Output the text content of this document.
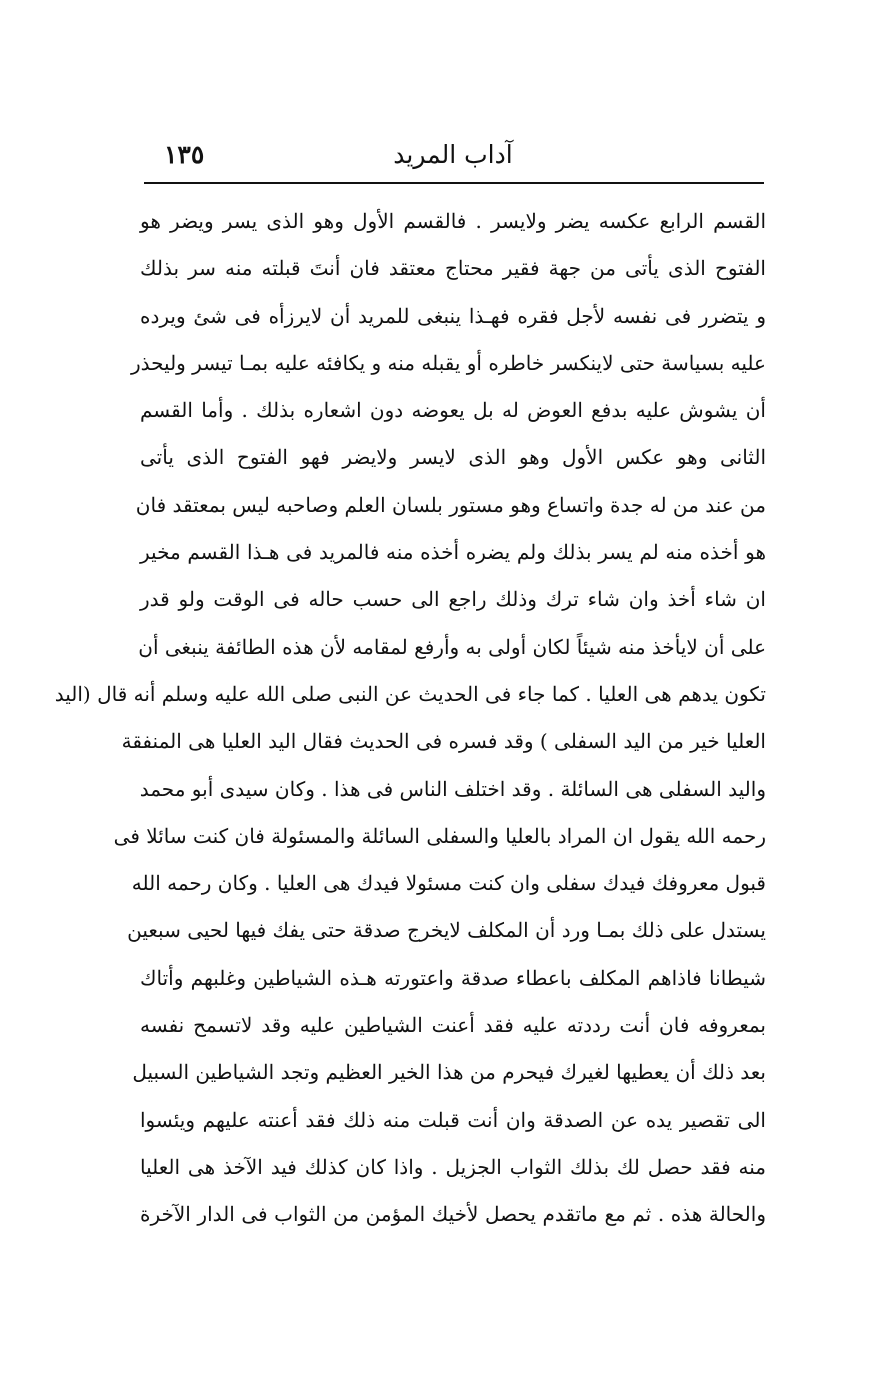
آداب المريد
١٣٥
القسم الرابع عكسه يضر ولايسر . فالقسم الأول وهو الذى يسر ويضر هو
الفتوح الذى يأتى من جهة فقير محتاج معتقد فان أنتَ قبلته منه سر بذلك
و يتضرر فى نفسه لأجل فقره فهـذا ينبغى للمريد أن لايرزأه فى شئ ويرده
عليه بسياسة حتى لاينكسر خاطره أو يقبله منه و يكافئه عليه بمـا تيسر وليحذر
أن يشوش عليه بدفع العوض له بل يعوضه دون اشعاره بذلك . وأما القسم
الثانى وهو عكس الأول وهو الذى لايسر ولايضر فهو الفتوح الذى يأتى
من عند من له جدة واتساع وهو مستور بلسان العلم وصاحبه ليس بمعتقد فان
هو أخذه منه لم يسر بذلك ولم يضره أخذه منه فالمريد فى هـذا القسم مخير
ان شاء أخذ وان شاء ترك وذلك راجع الى حسب حاله فى الوقت ولو قدر
على أن لايأخذ منه شيئاً لكان أولى به وأرفع لمقامه لأن هذه الطائفة ينبغى أن
تكون يدهم هى العليا . كما جاء فى الحديث عن النبى صلى الله عليه وسلم أنه قال (اليد
العليا خير من اليد السفلى ) وقد فسره فى الحديث فقال اليد العليا هى المنفقة
واليد السفلى هى السائلة . وقد اختلف الناس فى هذا . وكان سيدى أبو محمد
رحمه الله يقول ان المراد بالعليا والسفلى السائلة والمسئولة فان كنت سائلا فى
قبول معروفك فيدك سفلى وان كنت مسئولا فيدك هى العليا . وكان رحمه الله
يستدل على ذلك بمـا ورد أن المكلف لايخرج صدقة حتى يفك فيها لحيى سبعين
شيطانا فاذاهم المكلف باعطاء صدقة واعتورته هـذه الشياطين وغلبهم وأتاك
بمعروفه فان أنت رددته عليه فقد أعنت الشياطين عليه وقد لاتسمح نفسه
بعد ذلك أن يعطيها لغيرك فيحرم من هذا الخير العظيم وتجد الشياطين السبيل
الى تقصير يده عن الصدقة وان أنت قبلت منه ذلك فقد أعنته عليهم ويئسوا
منه فقد حصل لك بذلك الثواب الجزيل . واذا كان كذلك فيد الآخذ هى العليا
والحالة هذه . ثم مع ماتقدم يحصل لأخيك المؤمن من الثواب فى الدار الآخرة
